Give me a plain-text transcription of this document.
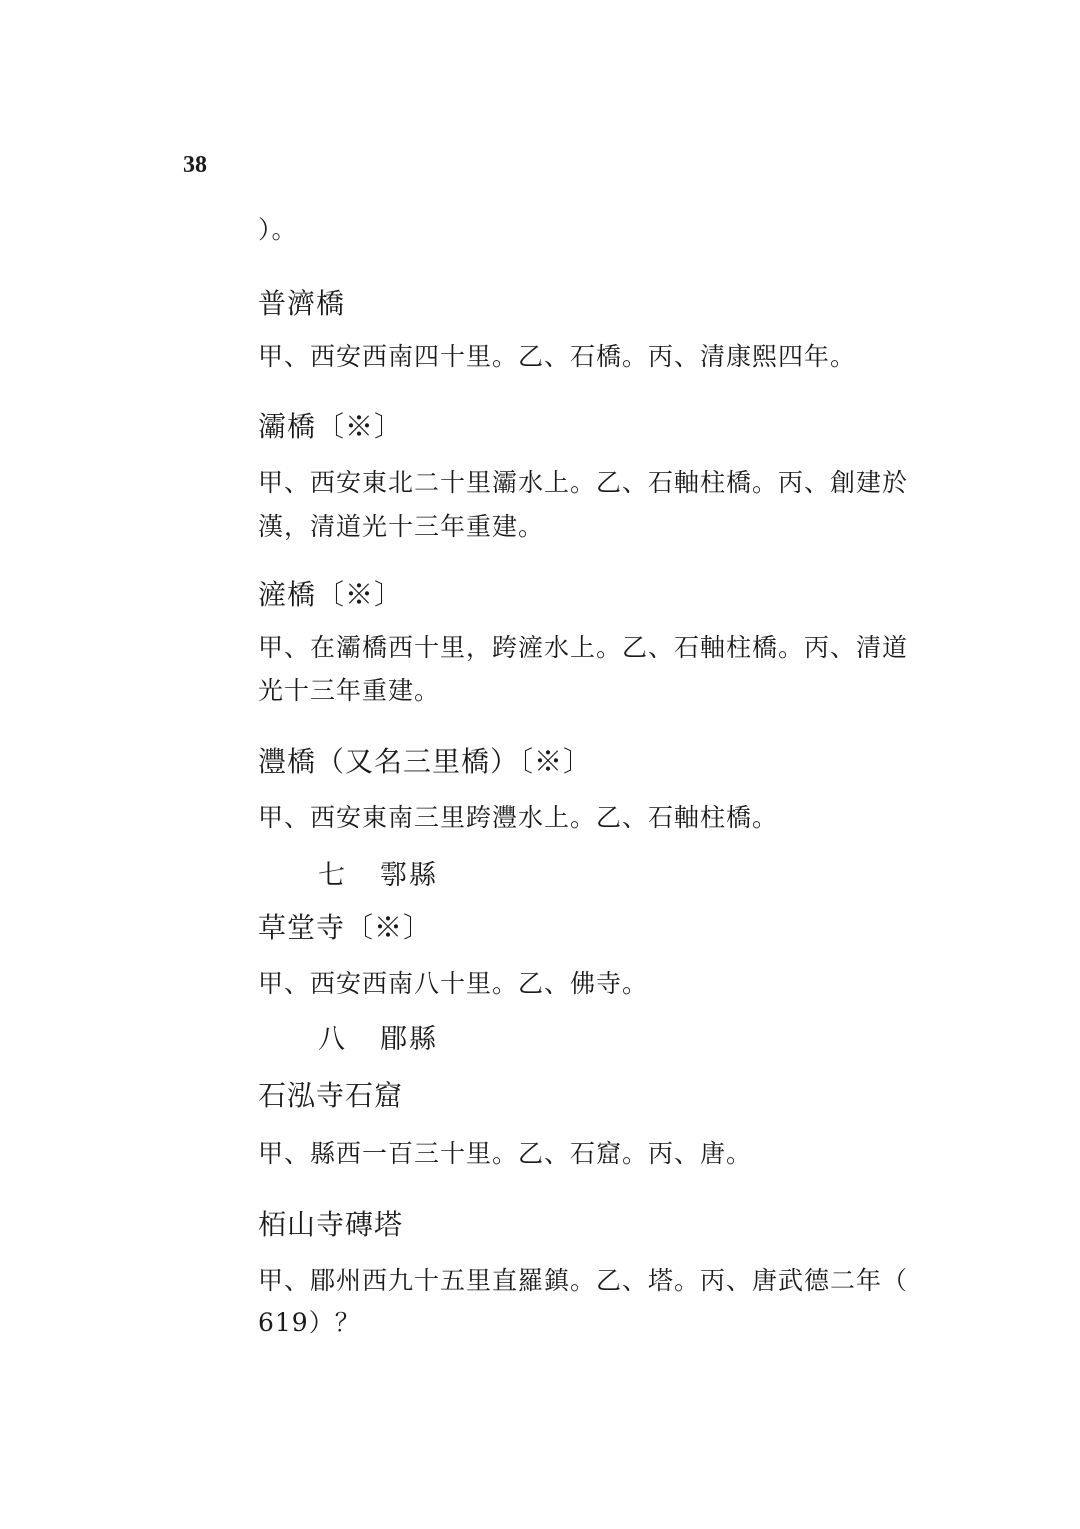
38
）。
普濟橋
甲、西安西南四十里。乙、石橋。丙、清康熙四年。
灞橋〔※〕
甲、西安東北二十里灞水上。乙、石軸柱橋。丙、創建於
漢，清道光十三年重建。
滻橋〔※〕
甲、在灞橋西十里，跨滻水上。乙、石軸柱橋。丙、清道
光十三年重建。
灃橋（又名三里橋）〔※〕
甲、西安東南三里跨灃水上。乙、石軸柱橋。
七 鄠縣
草堂寺〔※〕
甲、西安西南八十里。乙、佛寺。
八 郿縣
石泓寺石窟
甲、縣西一百三十里。乙、石窟。丙、唐。
栢山寺磚塔
甲、郿州西九十五里直羅鎮。乙、塔。丙、唐武德二年（
619）？
